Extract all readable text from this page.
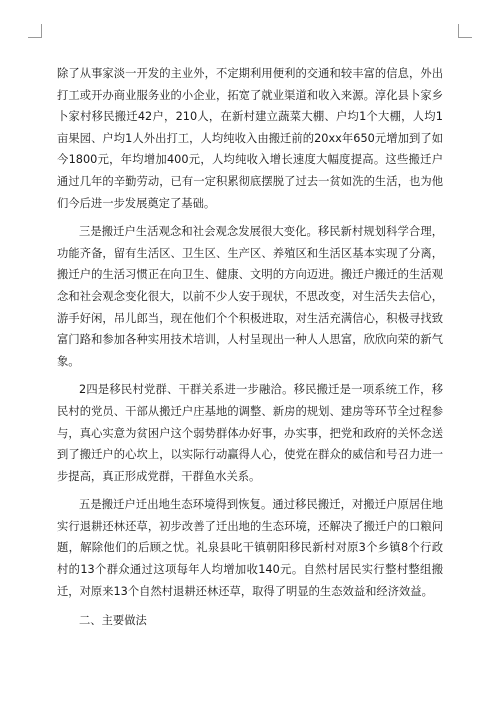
除了从事家淡一开发的主业外，不定期利用便利的交通和较丰富的信息，外出打工或开办商业服务业的小企业，拓宽了就业渠道和收入来源。淳化县卜家乡卜家村移民搬迁42户，210人，在新村建立蔬菜大棚、户均1个大棚，人均1亩果园、户均1人外出打工，人均纯收入由搬迁前的20xx年650元增加到了如今1800元，年均增加400元，人均纯收入增长速度大幅度提高。这些搬迁户通过几年的辛勤劳动，已有一定积累彻底摆脱了过去一贫如洗的生活，也为他们今后进一步发展奠定了基础。

三是搬迁户生活观念和社会观念发展很大变化。移民新村规划科学合理，功能齐备，留有生活区、卫生区、生产区、养殖区和生活区基本实现了分离，搬迁户的生活习惯正在向卫生、健康、文明的方向迈进。搬迁户搬迁的生活观念和社会观念变化很大，以前不少人安于现状，不思改变，对生活失去信心，游手好闲，吊儿郎当，现在他们个个积极进取，对生活充满信心，积极寻找致富门路和参加各种实用技术培训，人村呈现出一种人人思富，欣欣向荣的新气象。

2四是移民村党群、干群关系进一步融洽。移民搬迁是一项系统工作，移民村的党员、干部从搬迁户庄基地的调整、新房的规划、建房等环节全过程参与，真心实意为贫困户这个弱势群体办好事，办实事，把党和政府的关怀念送到了搬迁户的心坎上，以实际行动赢得人心，使党在群众的威信和号召力进一步提高，真正形成党群，干群鱼水关系。

五是搬迁户迁出地生态环境得到恢复。通过移民搬迁，对搬迁户原居住地实行退耕还林还草，初步改善了迁出地的生态环境，还解决了搬迁户的口粮问题，解除他们的后顾之忧。礼泉县叱干镇朝阳移民新村对原3个乡镇8个行政村的13个群众通过这项每年人均增加收140元。自然村居民实行整村整组搬迁，对原来13个自然村退耕还林还草，取得了明显的生态效益和经济效益。

二、主要做法
